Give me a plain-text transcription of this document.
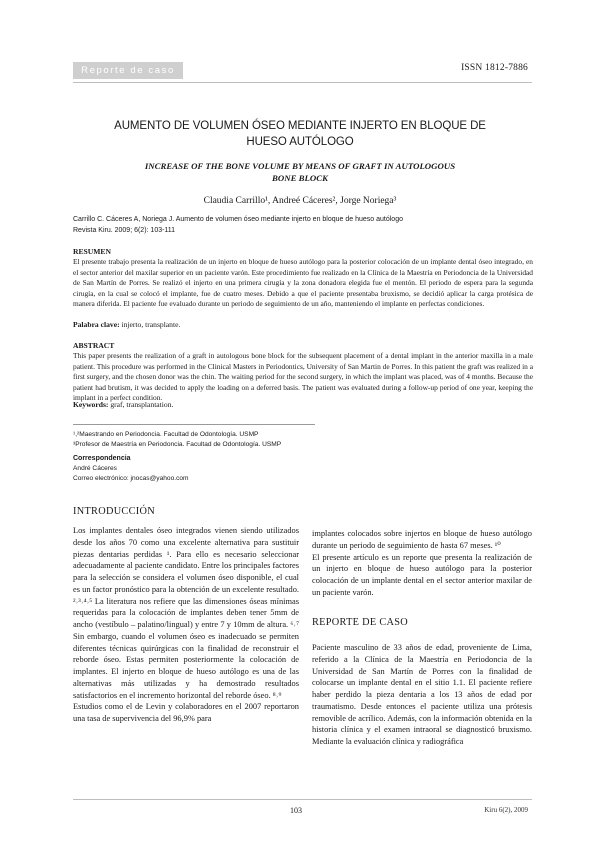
Reporte de caso	ISSN 1812-7886
AUMENTO DE VOLUMEN ÓSEO MEDIANTE INJERTO EN BLOQUE DE HUESO AUTÓLOGO
INCREASE OF THE BONE VOLUME BY MEANS OF GRAFT IN AUTOLOGOUS BONE BLOCK
Claudia Carrillo¹, Andreé Cáceres², Jorge Noriega³
Carrillo C. Cáceres A, Noriega J. Aumento de volumen óseo mediante injerto en bloque de hueso autólogo
Revista Kiru. 2009; 6(2): 103-111
RESUMEN
El presente trabajo presenta la realización de un injerto en bloque de hueso autólogo para la posterior colocación de un implante dental óseo integrado, en el sector anterior del maxilar superior en un paciente varón. Este procedimiento fue realizado en la Clínica de la Maestría en Periodoncia de la Universidad de San Martín de Porres. Se realizó el injerto en una primera cirugía y la zona donadora elegida fue el mentón. El periodo de espera para la segunda cirugía, en la cual se colocó el implante, fue de cuatro meses. Debido a que el paciente presentaba bruxismo, se decidió aplicar la carga protésica de manera diferida. El paciente fue evaluado durante un periodo de seguimiento de un año, manteniendo el implante en perfectas condiciones.
Palabra clave: injerto, transplante.
ABSTRACT
This paper presents the realization of a graft in autologous bone block for the subsequent placement of a dental implant in the anterior maxilla in a male patient. This procedure was performed in the Clinical Masters in Periodontics, University of San Martin de Porres. In this patient the graft was realized in a first surgery, and the chosen donor was the chin. The waiting period for the second surgery, in which the implant was placed, was of 4 months. Because the patient had brutism, it was decided to apply the loading on a deferred basis. The patient was evaluated during a follow-up period of one year, keeping the implant in a perfect condition.
Keywords: graf, transplantation.
¹,²Maestrando en Periodoncia. Facultad de Odontología. USMP
³Profesor de Maestría en Periodoncia. Facultad de Odontología. USMP
Correspondencia
André Cáceres
Correo electrónico: jnocas@yahoo.com
INTRODUCCIÓN

Los implantes dentales óseo integrados vienen siendo utilizados desde los años 70 como una excelente alternativa para sustituir piezas dentarias perdidas ¹. Para ello es necesario seleccionar adecuadamente al paciente candidato. Entre los principales factores para la selección se considera el volumen óseo disponible, el cual es un factor pronóstico para la obtención de un excelente resultado. ²˒³˒⁴˒⁵ La literatura nos refiere que las dimensiones óseas mínimas requeridas para la colocación de implantes deben tener 5mm de ancho (vestíbulo – palatino/lingual) y entre 7 y 10mm de altura. ⁶˒⁷ Sin embargo, cuando el volumen óseo es inadecuado se permiten diferentes técnicas quirúrgicas con la finalidad de reconstruir el reborde óseo. Estas permiten posteriormente la colocación de implantes. El injerto en bloque de hueso autólogo es una de las alternativas más utilizadas y ha demostrado resultados satisfactorios en el incremento horizontal del reborde óseo. ⁸˒⁹

Estudios como el de Levin y colaboradores en el 2007 reportaron una tasa de supervivencia del 96,9% para

implantes colocados sobre injertos en bloque de hueso autólogo durante un periodo de seguimiento de hasta 67 meses. ¹⁰

El presente artículo es un reporte que presenta la realización de un injerto en bloque de hueso autólogo para la posterior colocación de un implante dental en el sector anterior maxilar de un paciente varón.

REPORTE DE CASO
Paciente masculino de 33 años de edad, proveniente de Lima, referido a la Clínica de la Maestría en Periodoncia de la Universidad de San Martín de Porres con la finalidad de colocarse un implante dental en el sitio 1.1. El paciente refiere haber perdido la pieza dentaria a los 13 años de edad por traumatismo. Desde entonces el paciente utiliza una prótesis removible de acrílico. Además, con la información obtenida en la historia clínica y el examen intraoral se diagnosticó bruxismo. Mediante la evaluación clínica y radiográfica
103	Kiru 6(2), 2009
